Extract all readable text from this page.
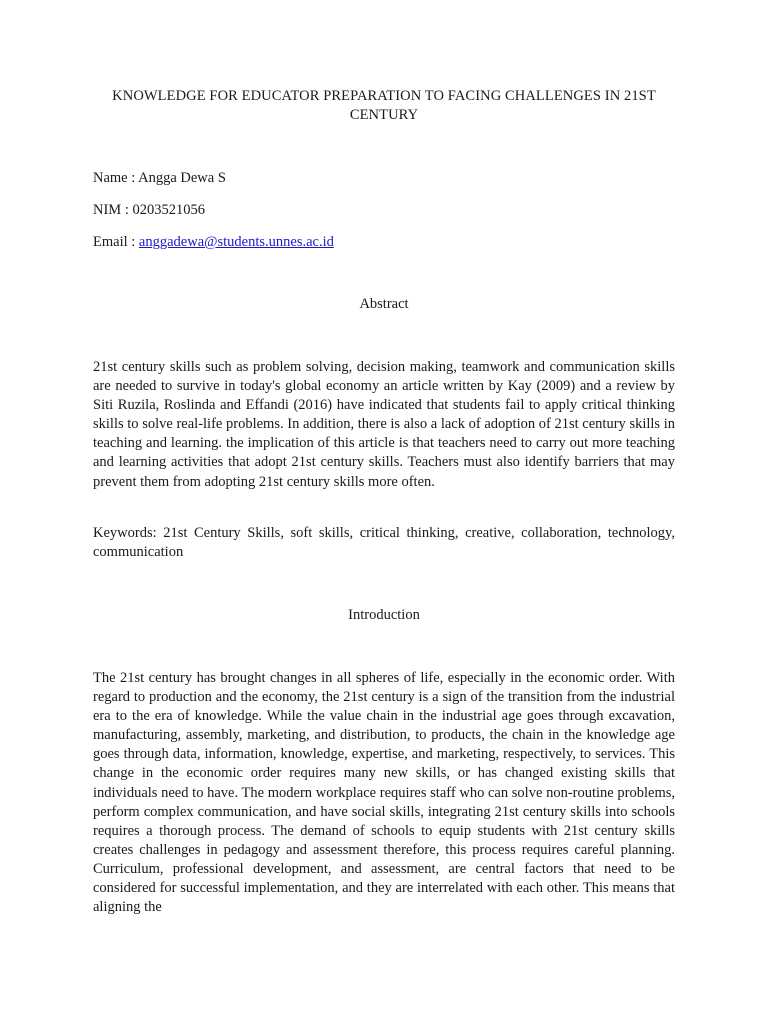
KNOWLEDGE FOR EDUCATOR PREPARATION TO FACING CHALLENGES IN 21ST CENTURY

Name : Angga Dewa S

NIM : 0203521056

Email : anggadewa@students.unnes.ac.id

Abstract

21st century skills such as problem solving, decision making, teamwork and communication skills are needed to survive in today's global economy an article written by Kay (2009) and a review by Siti Ruzila, Roslinda and Effandi (2016) have indicated that students fail to apply critical thinking skills to solve real-life problems. In addition, there is also a lack of adoption of 21st century skills in teaching and learning. the implication of this article is that teachers need to carry out more teaching and learning activities that adopt 21st century skills. Teachers must also identify barriers that may prevent them from adopting 21st century skills more often.

Keywords: 21st Century Skills, soft skills, critical thinking, creative, collaboration, technology, communication

Introduction

The 21st century has brought changes in all spheres of life, especially in the economic order. With regard to production and the economy, the 21st century is a sign of the transition from the industrial era to the era of knowledge. While the value chain in the industrial age goes through excavation, manufacturing, assembly, marketing, and distribution, to products, the chain in the knowledge age goes through data, information, knowledge, expertise, and marketing, respectively, to services. This change in the economic order requires many new skills, or has changed existing skills that individuals need to have. The modern workplace requires staff who can solve non-routine problems, perform complex communication, and have social skills, integrating 21st century skills into schools requires a thorough process. The demand of schools to equip students with 21st century skills creates challenges in pedagogy and assessment therefore, this process requires careful planning. Curriculum, professional development, and assessment, are central factors that need to be considered for successful implementation, and they are interrelated with each other. This means that aligning the
